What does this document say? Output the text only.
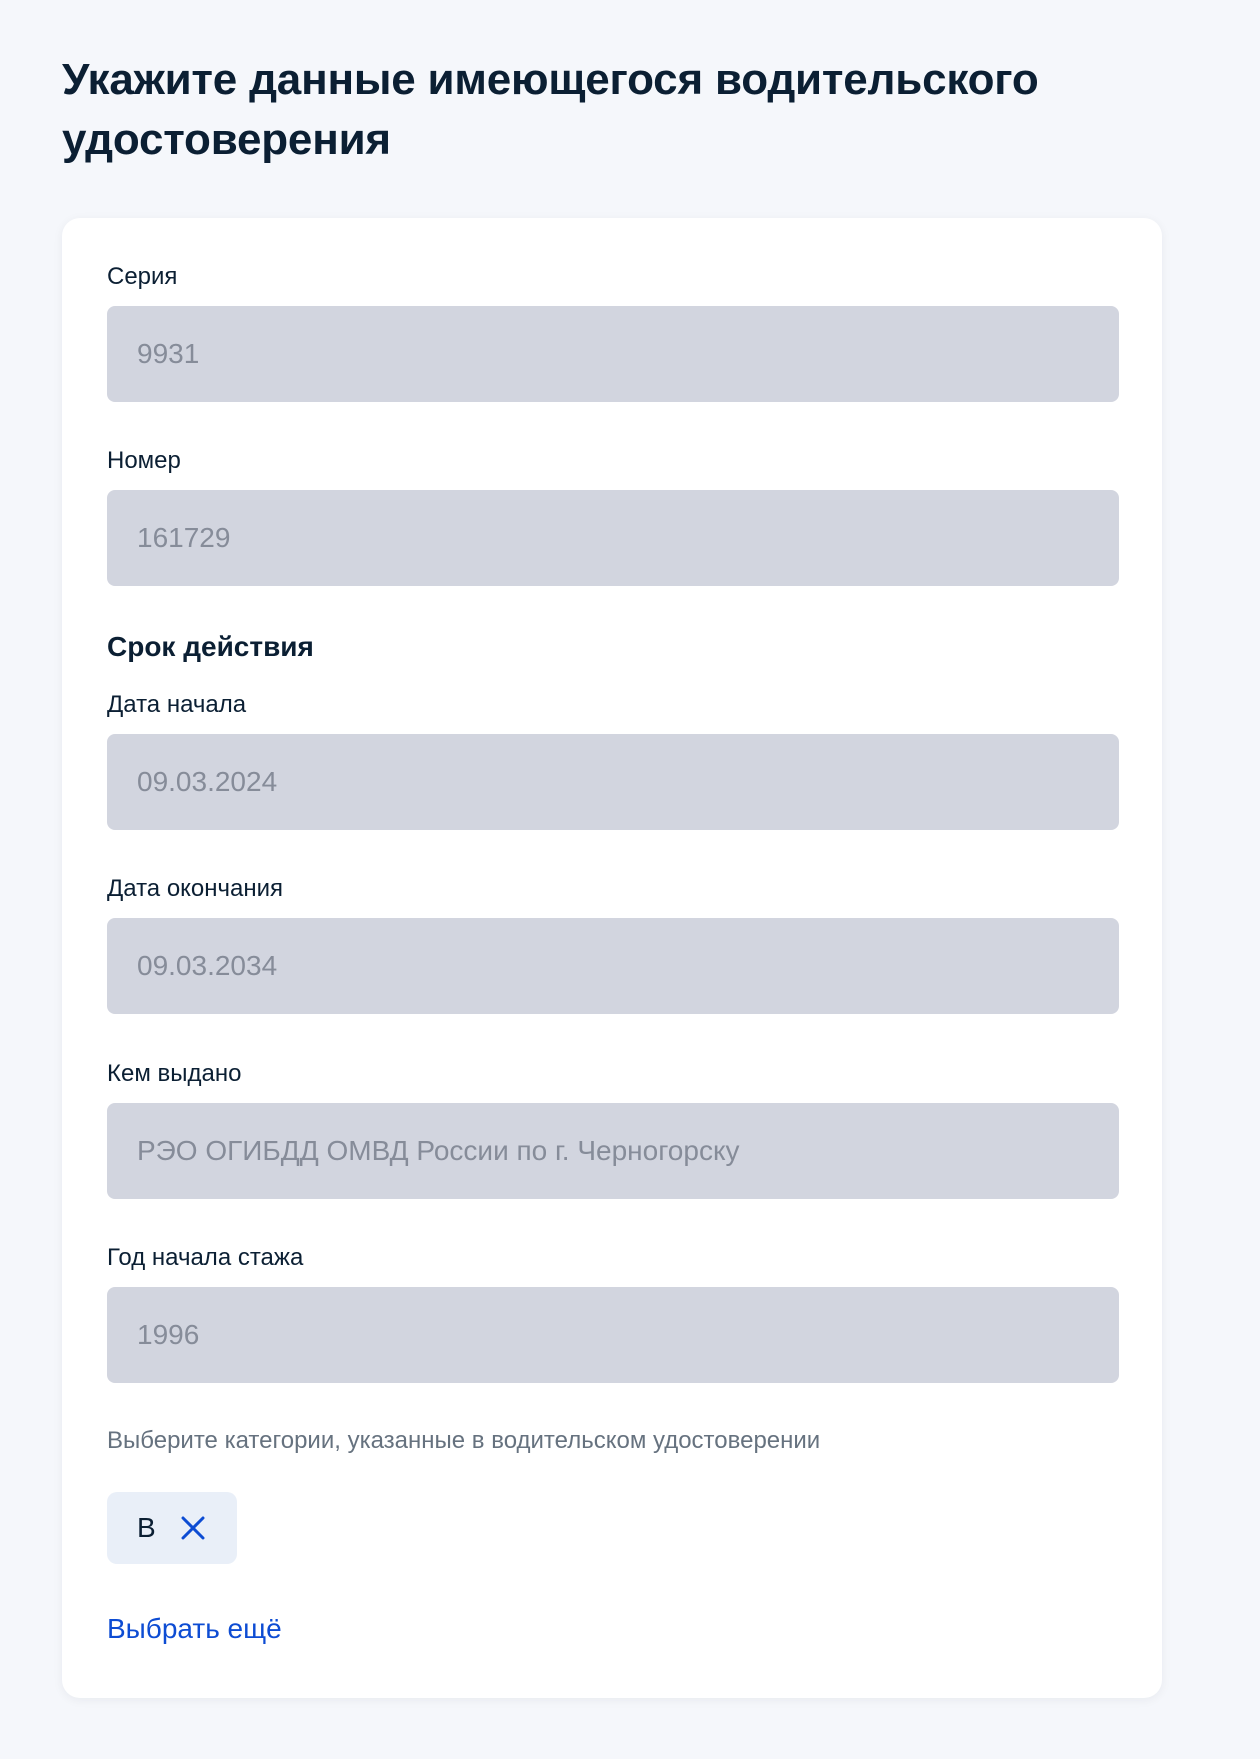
Укажите данные имеющегося водительского удостоверения
Серия
9931
Номер
161729
Срок действия
Дата начала
09.03.2024
Дата окончания
09.03.2034
Кем выдано
РЭО ОГИБДД ОМВД России по г. Черногорску
Год начала стажа
1996
Выберите категории, указанные в водительском удостоверении
B
Выбрать ещё
